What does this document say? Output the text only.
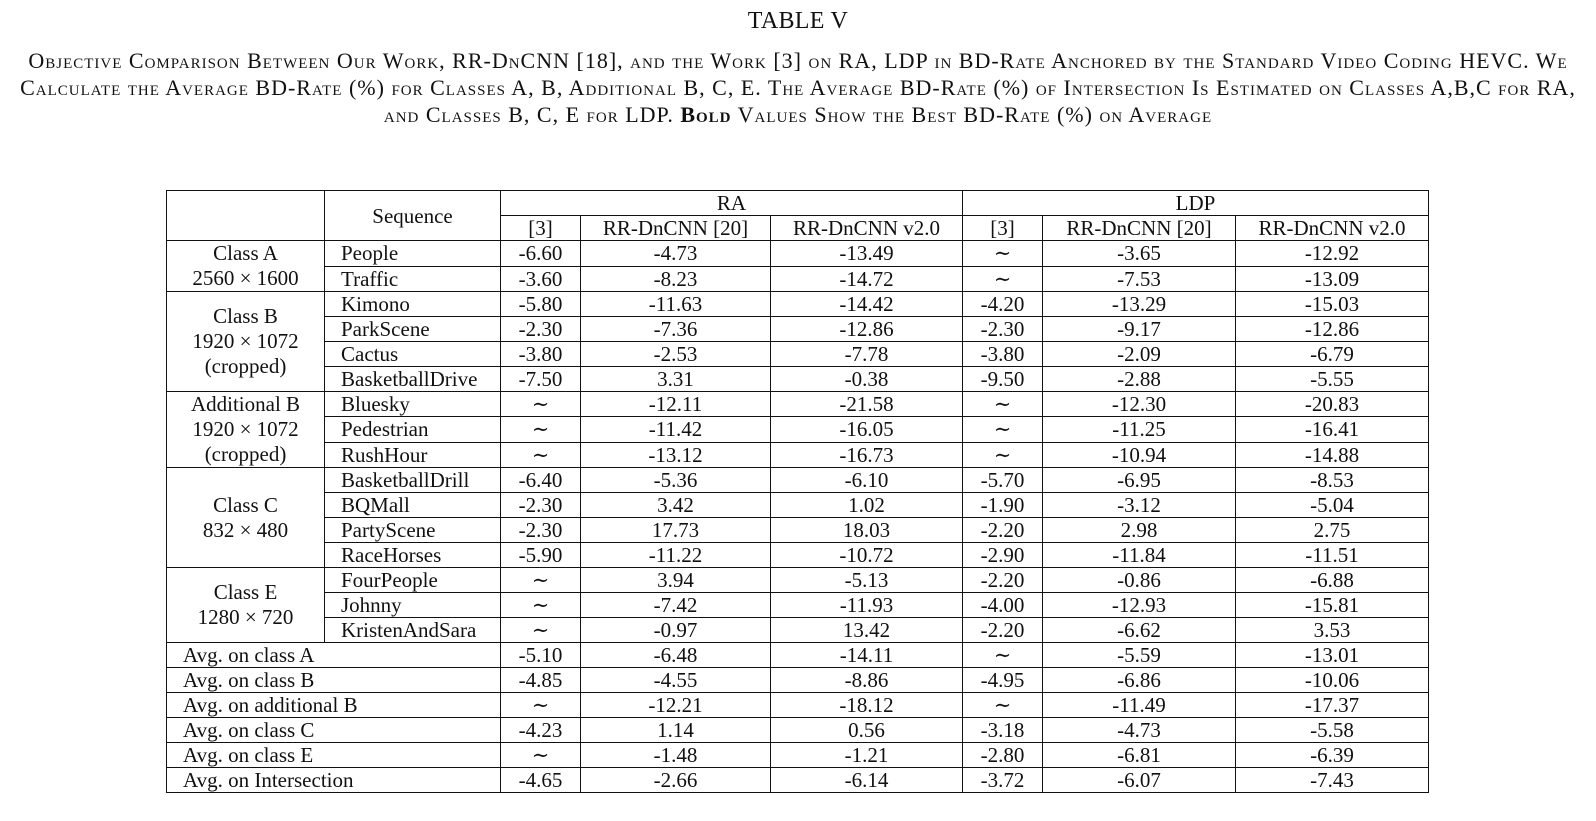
TABLE V
Objective Comparison Between Our Work, RR-DnCNN [18], and the Work [3] on RA, LDP in BD-Rate Anchored by the Standard Video Coding HEVC. We Calculate the Average BD-Rate (%) for Classes A, B, Additional B, C, E. The Average BD-Rate (%) of Intersection Is Estimated on Classes A,B,C for RA, and Classes B, C, E for LDP. Bold Values Show the Best BD-Rate (%) on Average
	Sequence	RA			LDP		
		[3]	RR-DnCNN [20]	RR-DnCNN v2.0	[3]	RR-DnCNN [20]	RR-DnCNN v2.0

Class A
2560 × 1600	People	-6.60	-4.73	-13.49	∼	-3.65	-12.92
	Traffic	-3.60	-8.23	-14.72	∼	-7.53	-13.09

Class B
1920 × 1072
(cropped)	Kimono	-5.80	-11.63	-14.42	-4.20	-13.29	-15.03
	ParkScene	-2.30	-7.36	-12.86	-2.30	-9.17	-12.86
	Cactus	-3.80	-2.53	-7.78	-3.80	-2.09	-6.79
	BasketballDrive	-7.50	3.31	-0.38	-9.50	-2.88	-5.55

Additional B
1920 × 1072
(cropped)	Bluesky	∼	-12.11	-21.58	∼	-12.30	-20.83
	Pedestrian	∼	-11.42	-16.05	∼	-11.25	-16.41
	RushHour	∼	-13.12	-16.73	∼	-10.94	-14.88

Class C
832 × 480	BasketballDrill	-6.40	-5.36	-6.10	-5.70	-6.95	-8.53
	BQMall	-2.30	3.42	1.02	-1.90	-3.12	-5.04
	PartyScene	-2.30	17.73	18.03	-2.20	2.98	2.75
	RaceHorses	-5.90	-11.22	-10.72	-2.90	-11.84	-11.51

Class E
1280 × 720	FourPeople	∼	3.94	-5.13	-2.20	-0.86	-6.88
	Johnny	∼	-7.42	-11.93	-4.00	-12.93	-15.81
	KristenAndSara	∼	-0.97	13.42	-2.20	-6.62	3.53
Avg. on class A		-5.10	-6.48	-14.11	∼	-5.59	-13.01
Avg. on class B		-4.85	-4.55	-8.86	-4.95	-6.86	-10.06
Avg. on additional B		∼	-12.21	-18.12	∼	-11.49	-17.37
Avg. on class C		-4.23	1.14	0.56	-3.18	-4.73	-5.58
Avg. on class E		∼	-1.48	-1.21	-2.80	-6.81	-6.39
Avg. on Intersection		-4.65	-2.66	-6.14	-3.72	-6.07	-7.43
